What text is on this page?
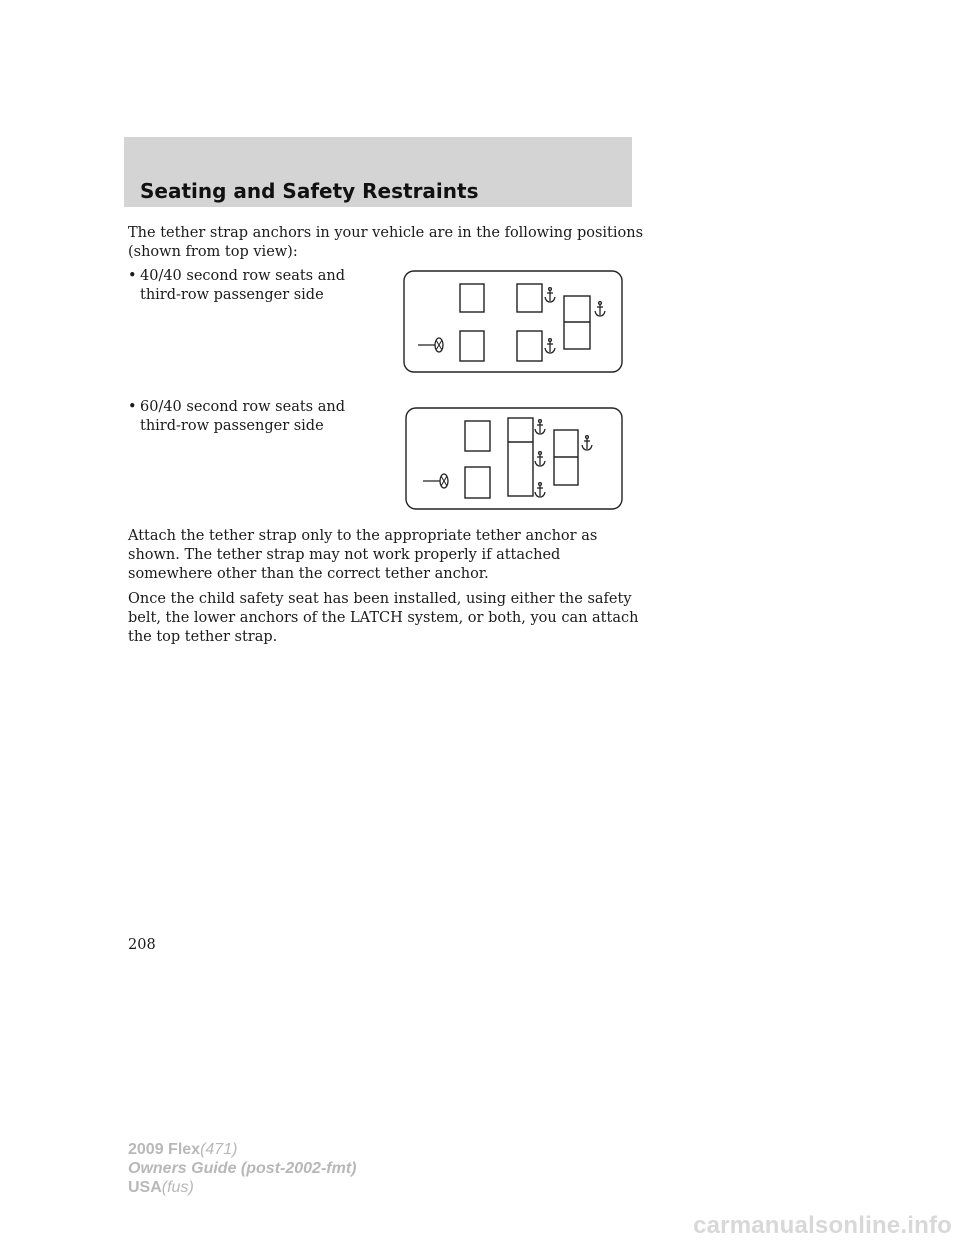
Seating and Safety Restraints

The tether strap anchors in your vehicle are in the following positions (shown from top view):

• 40/40 second row seats and third-row passenger side
• 60/40 second row seats and third-row passenger side

Attach the tether strap only to the appropriate tether anchor as shown. The tether strap may not work properly if attached somewhere other than the correct tether anchor.

Once the child safety seat has been installed, using either the safety belt, the lower anchors of the LATCH system, or both, you can attach the top tether strap.

208
2009 Flex(471)
Owners Guide (post-2002-fmt)
USA(fus)
carmanualsonline.info
